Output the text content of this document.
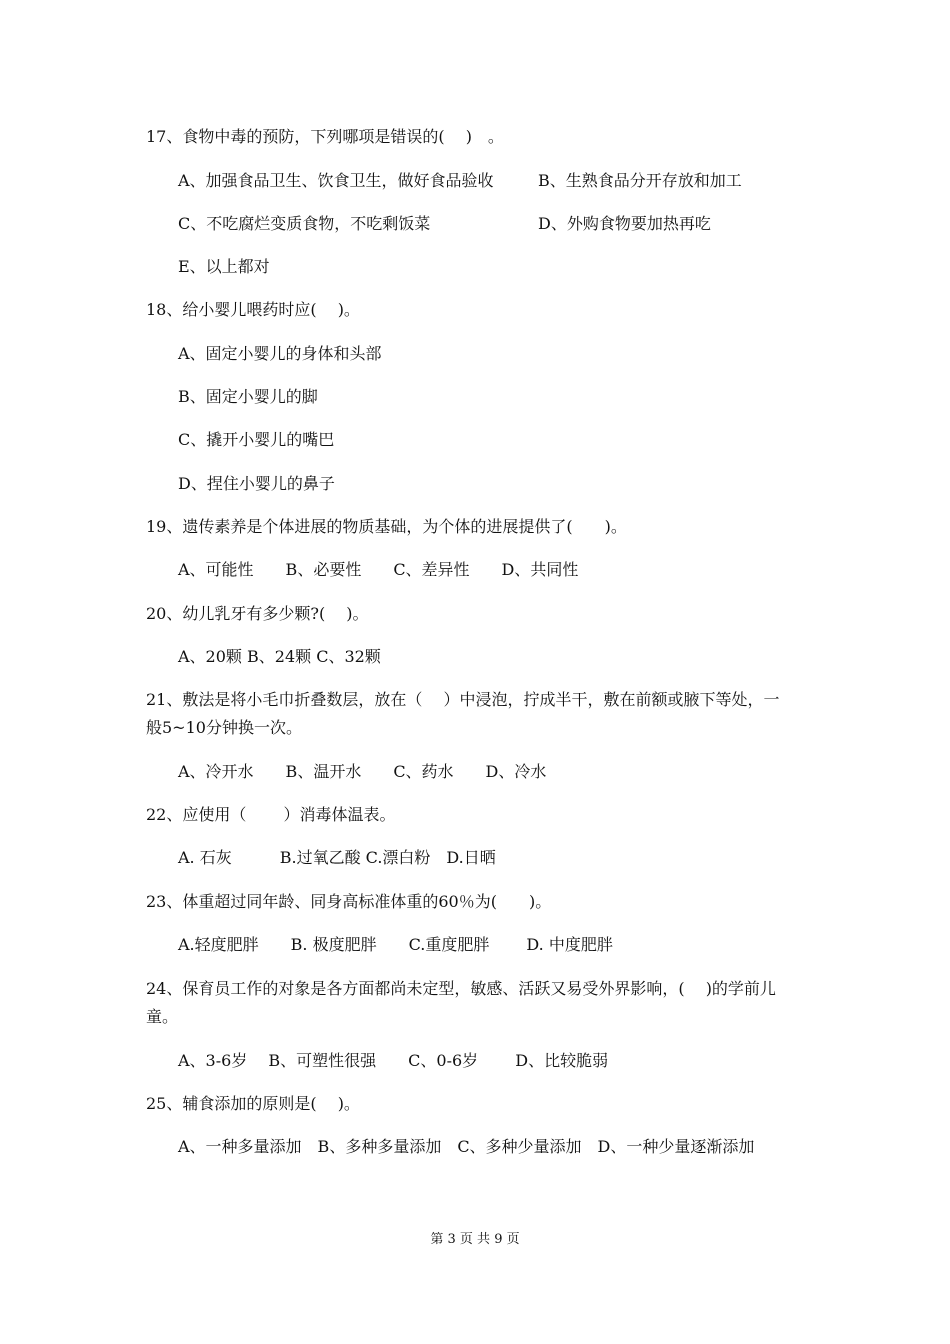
17、食物中毒的预防，下列哪项是错误的(　 )　。
A、加强食品卫生、饮食卫生，做好食品验收	B、生熟食品分开存放和加工
C、不吃腐烂变质食物，不吃剩饭菜	D、外购食物要加热再吃
E、以上都对
18、给小婴儿喂药时应(　 )。
A、固定小婴儿的身体和头部
B、固定小婴儿的脚
C、撬开小婴儿的嘴巴
D、捏住小婴儿的鼻子
19、遗传素养是个体进展的物质基础，为个体的进展提供了(　　)。
A、可能性　　B、必要性　　C、差异性　　D、共同性
20、幼儿乳牙有多少颗?(　 )。
A、20颗 B、24颗 C、32颗
21、敷法是将小毛巾折叠数层，放在（　 ）中浸泡，拧成半干，敷在前额或腋下等处，一
般5~10分钟换一次。
A、冷开水　　B、温开水　　C、药水　　D、冷水
22、应使用（　　 ）消毒体温表。
A. 石灰　　　B.过氧乙酸 C.漂白粉　D.日晒
23、体重超过同年龄、同身高标准体重的60％为(　　)。
A.轻度肥胖　　B. 极度肥胖　　C.重度肥胖　　 D. 中度肥胖
24、保育员工作的对象是各方面都尚未定型，敏感、活跃又易受外界影响，(　 )的学前儿
童。
A、3-6岁　 B、可塑性很强　　C、0-6岁　　 D、比较脆弱
25、辅食添加的原则是(　 )。
A、一种多量添加　B、多种多量添加　C、多种少量添加　D、一种少量逐渐添加
第 3 页 共 9 页
